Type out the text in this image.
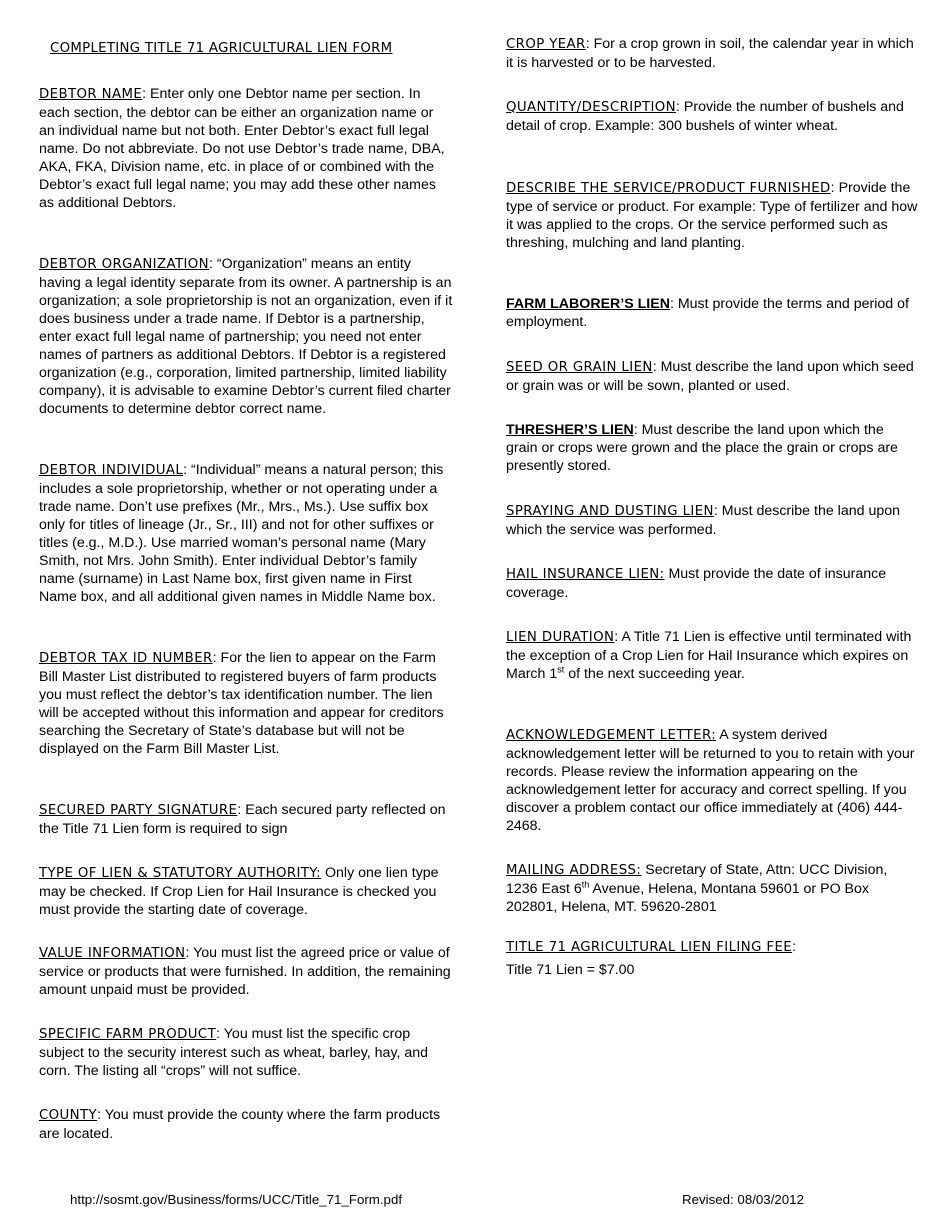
COMPLETING TITLE 71 AGRICULTURAL LIEN FORM

DEBTOR NAME: Enter only one Debtor name per section. In each section, the debtor can be either an organization name or an individual name but not both. Enter Debtor’s exact full legal name. Do not abbreviate. Do not use Debtor’s trade name, DBA, AKA, FKA, Division name, etc. in place of or combined with the Debtor’s exact full legal name; you may add these other names as additional Debtors.

DEBTOR ORGANIZATION: “Organization” means an entity having a legal identity separate from its owner. A partnership is an organization; a sole proprietorship is not an organization, even if it does business under a trade name. If Debtor is a partnership, enter exact full legal name of partnership; you need not enter names of partners as additional Debtors. If Debtor is a registered organization (e.g., corporation, limited partnership, limited liability company), it is advisable to examine Debtor’s current filed charter documents to determine debtor correct name.

DEBTOR INDIVIDUAL: “Individual” means a natural person; this includes a sole proprietorship, whether or not operating under a trade name. Don’t use prefixes (Mr., Mrs., Ms.). Use suffix box only for titles of lineage (Jr., Sr., III) and not for other suffixes or titles (e.g., M.D.). Use married woman’s personal name (Mary Smith, not Mrs. John Smith). Enter individual Debtor’s family name (surname) in Last Name box, first given name in First Name box, and all additional given names in Middle Name box.

DEBTOR TAX ID NUMBER: For the lien to appear on the Farm Bill Master List distributed to registered buyers of farm products you must reflect the debtor’s tax identification number. The lien will be accepted without this information and appear for creditors searching the Secretary of State’s database but will not be displayed on the Farm Bill Master List.

SECURED PARTY SIGNATURE: Each secured party reflected on the Title 71 Lien form is required to sign

TYPE OF LIEN & STATUTORY AUTHORITY: Only one lien type may be checked. If Crop Lien for Hail Insurance is checked you must provide the starting date of coverage.

VALUE INFORMATION: You must list the agreed price or value of service or products that were furnished. In addition, the remaining amount unpaid must be provided.

SPECIFIC FARM PRODUCT: You must list the specific crop subject to the security interest such as wheat, barley, hay, and corn. The listing all “crops” will not suffice.

COUNTY: You must provide the county where the farm products are located.

CROP YEAR: For a crop grown in soil, the calendar year in which it is harvested or to be harvested.

QUANTITY/DESCRIPTION: Provide the number of bushels and detail of crop. Example: 300 bushels of winter wheat.

DESCRIBE THE SERVICE/PRODUCT FURNISHED: Provide the type of service or product. For example: Type of fertilizer and how it was applied to the crops. Or the service performed such as threshing, mulching and land planting.

FARM LABORER’S LIEN: Must provide the terms and period of employment.

SEED OR GRAIN LIEN: Must describe the land upon which seed or grain was or will be sown, planted or used.

THRESHER’S LIEN: Must describe the land upon which the grain or crops were grown and the place the grain or crops are presently stored.

SPRAYING AND DUSTING LIEN: Must describe the land upon which the service was performed.

HAIL INSURANCE LIEN: Must provide the date of insurance coverage.

LIEN DURATION: A Title 71 Lien is effective until terminated with the exception of a Crop Lien for Hail Insurance which expires on March 1st of the next succeeding year.

ACKNOWLEDGEMENT LETTER: A system derived acknowledgement letter will be returned to you to retain with your records. Please review the information appearing on the acknowledgement letter for accuracy and correct spelling. If you discover a problem contact our office immediately at (406) 444-2468.

MAILING ADDRESS: Secretary of State, Attn: UCC Division, 1236 East 6th Avenue, Helena, Montana 59601 or PO Box 202801, Helena, MT. 59620-2801

TITLE 71 AGRICULTURAL LIEN FILING FEE:
Title 71 Lien = $7.00

http://sosmt.gov/Business/forms/UCC/Title_71_Form.pdf	Revised: 08/03/2012
